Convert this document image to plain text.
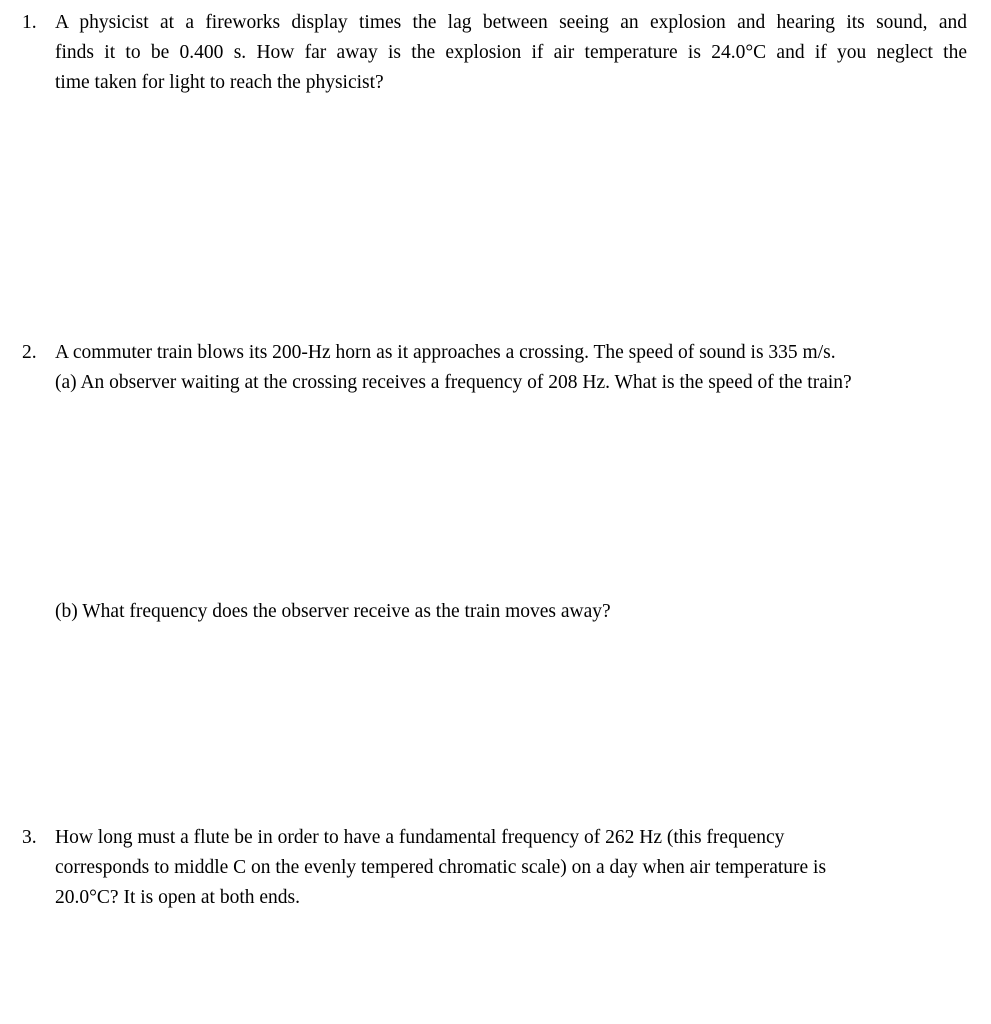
1. A physicist at a fireworks display times the lag between seeing an explosion and hearing its sound, and
finds it to be 0.400 s. How far away is the explosion if air temperature is 24.0°C and if you neglect the
time taken for light to reach the physicist?
2. A commuter train blows its 200-Hz horn as it approaches a crossing. The speed of sound is 335 m/s.
(a) An observer waiting at the crossing receives a frequency of 208 Hz. What is the speed of the train?
(b) What frequency does the observer receive as the train moves away?
3. How long must a flute be in order to have a fundamental frequency of 262 Hz (this frequency
corresponds to middle C on the evenly tempered chromatic scale) on a day when air temperature is
20.0°C? It is open at both ends.
